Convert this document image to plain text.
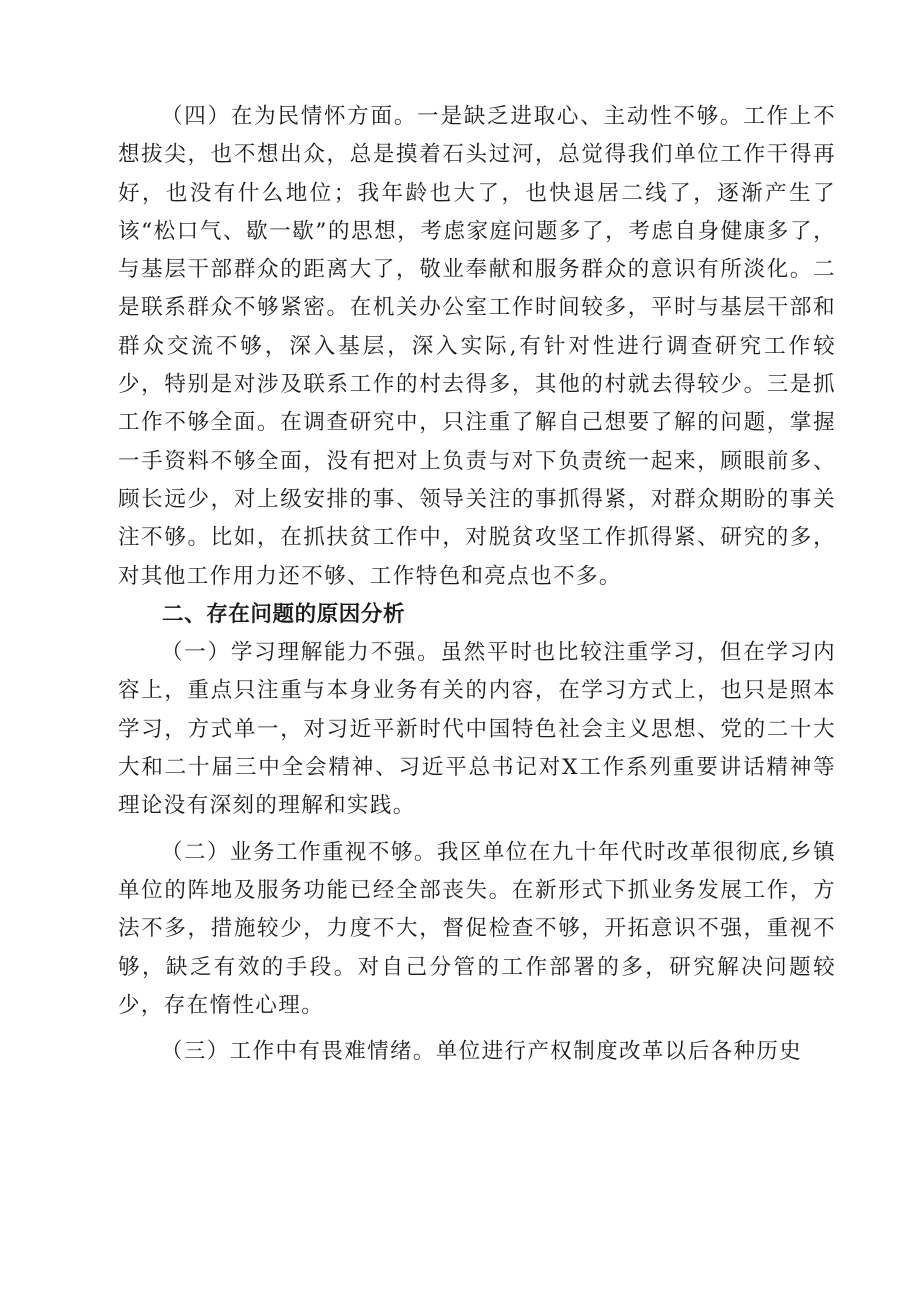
（四）在为民情怀方面。一是缺乏进取心、主动性不够。工作上不想拔尖，也不想出众，总是摸着石头过河，总觉得我们单位工作干得再好，也没有什么地位；我年龄也大了，也快退居二线了，逐渐产生了该“松口气、歇一歇”的思想，考虑家庭问题多了，考虑自身健康多了，与基层干部群众的距离大了，敬业奉献和服务群众的意识有所淡化。二是联系群众不够紧密。在机关办公室工作时间较多，平时与基层干部和群众交流不够，深入基层，深入实际,有针对性进行调查研究工作较少，特别是对涉及联系工作的村去得多，其他的村就去得较少。三是抓工作不够全面。在调查研究中，只注重了解自己想要了解的问题，掌握一手资料不够全面，没有把对上负责与对下负责统一起来，顾眼前多、顾长远少，对上级安排的事、领导关注的事抓得紧，对群众期盼的事关注不够。比如，在抓扶贫工作中，对脱贫攻坚工作抓得紧、研究的多，对其他工作用力还不够、工作特色和亮点也不多。

二、存在问题的原因分析

（一）学习理解能力不强。虽然平时也比较注重学习，但在学习内容上，重点只注重与本身业务有关的内容，在学习方式上，也只是照本学习，方式单一，对习近平新时代中国特色社会主义思想、党的二十大大和二十届三中全会精神、习近平总书记对X工作系列重要讲话精神等理论没有深刻的理解和实践。

（二）业务工作重视不够。我区单位在九十年代时改革很彻底,乡镇单位的阵地及服务功能已经全部丧失。在新形式下抓业务发展工作，方法不多，措施较少，力度不大，督促检查不够，开拓意识不强，重视不够，缺乏有效的手段。对自己分管的工作部署的多，研究解决问题较少，存在惰性心理。

（三）工作中有畏难情绪。单位进行产权制度改革以后各种历史
